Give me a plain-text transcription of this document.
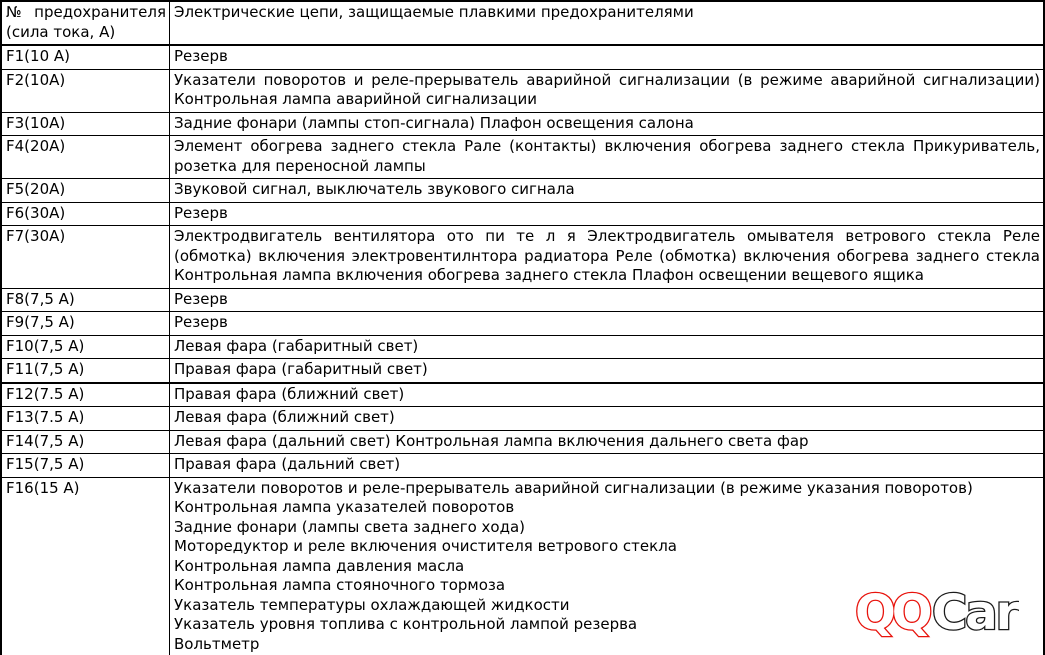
№ предохранителя
(сила тока, А)	Электрические цепи, защищаемые плавкими предохранителями
F1(10 А)	Резерв

F2(10А)	Указатели поворотов и реле-прерыватель аварийной сигнализации (в режиме аварийной сигнализации) Контрольная лампа аварийной сигнализации

F3(10А)	Задние фонари (лампы стоп-сигнала) Плафон освещения салона

F4(20А)	Элемент обогрева заднего стекла Рале (контакты) включения обогрева заднего стекла Прикуриватель, розетка для переносной лампы

F5(20А)	Звуковой сигнал, выключатель звукового сигнала

F6(30А)	Резерв

F7(30А)	Электродвигатель вентилятора ото пи те л я Электродвигатель омывателя ветрового стекла Реле (обмотка) включения электровентилнтора радиатора Реле (обмотка) включения обогрева заднего стекла Контрольная лампа включения обогрева заднего стекла Плафон освещении вещевого ящика

F8(7,5 А)	Резерв

F9(7,5 А)	Резерв

F10(7,5 А)	Левая фара (габаритный свет)

F11(7,5 А)	Правая фара (габаритный свет)

F12(7.5 А)	Правая фара (ближний свет)

F13(7.5 А)	Левая фара (ближний свет)

F14(7,5 А)	Левая фара (дальний свет) Контрольная лампа включения дальнего света фар

F15(7,5 А)	Правая фара (дальний свет)

F16(15 А)	Указатели поворотов и реле-прерыватель аварийной сигнализации (в режиме указания поворотов)
Контрольная лампа указателей поворотов
Задние фонари (лампы света заднего хода)
Моторедуктор и реле включения очистителя ветрового стекла
Контрольная лампа давления масла
Контрольная лампа стояночного тормоза
Указатель температуры охлаждающей жидкости
Указатель уровня топлива с контрольной лампой резерва
Вольтметр
QQ Car
